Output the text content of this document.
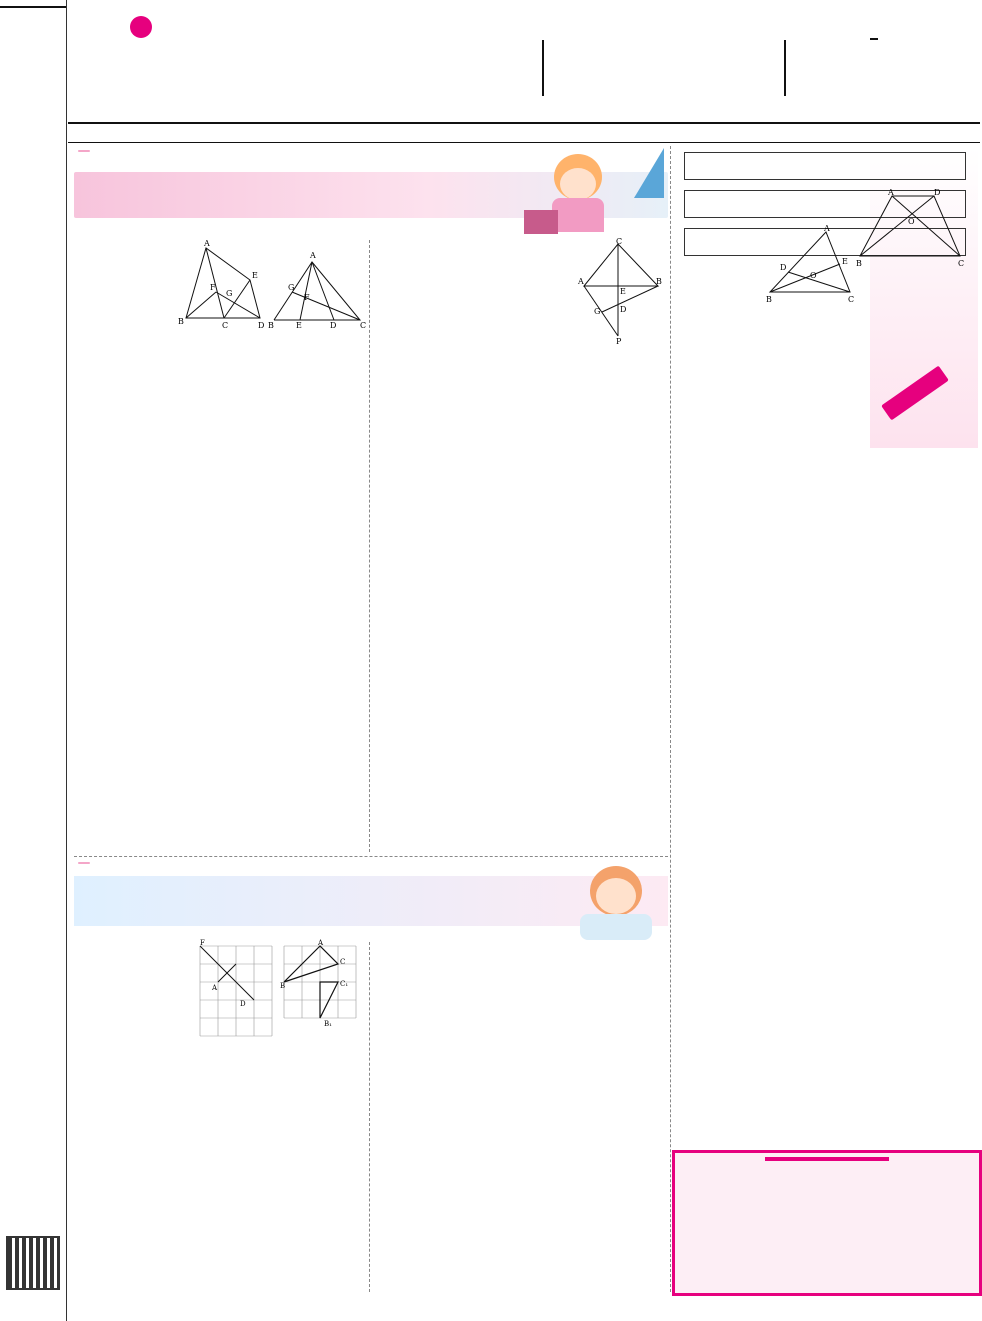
A
B	C
F
E
G
D

A
E
B	C	D
F
G

C
A	B
E
G D
P

A
C
B
B₁
C₁

F
D
A

A	D
B	C
O

A
B	C
D
E
O
